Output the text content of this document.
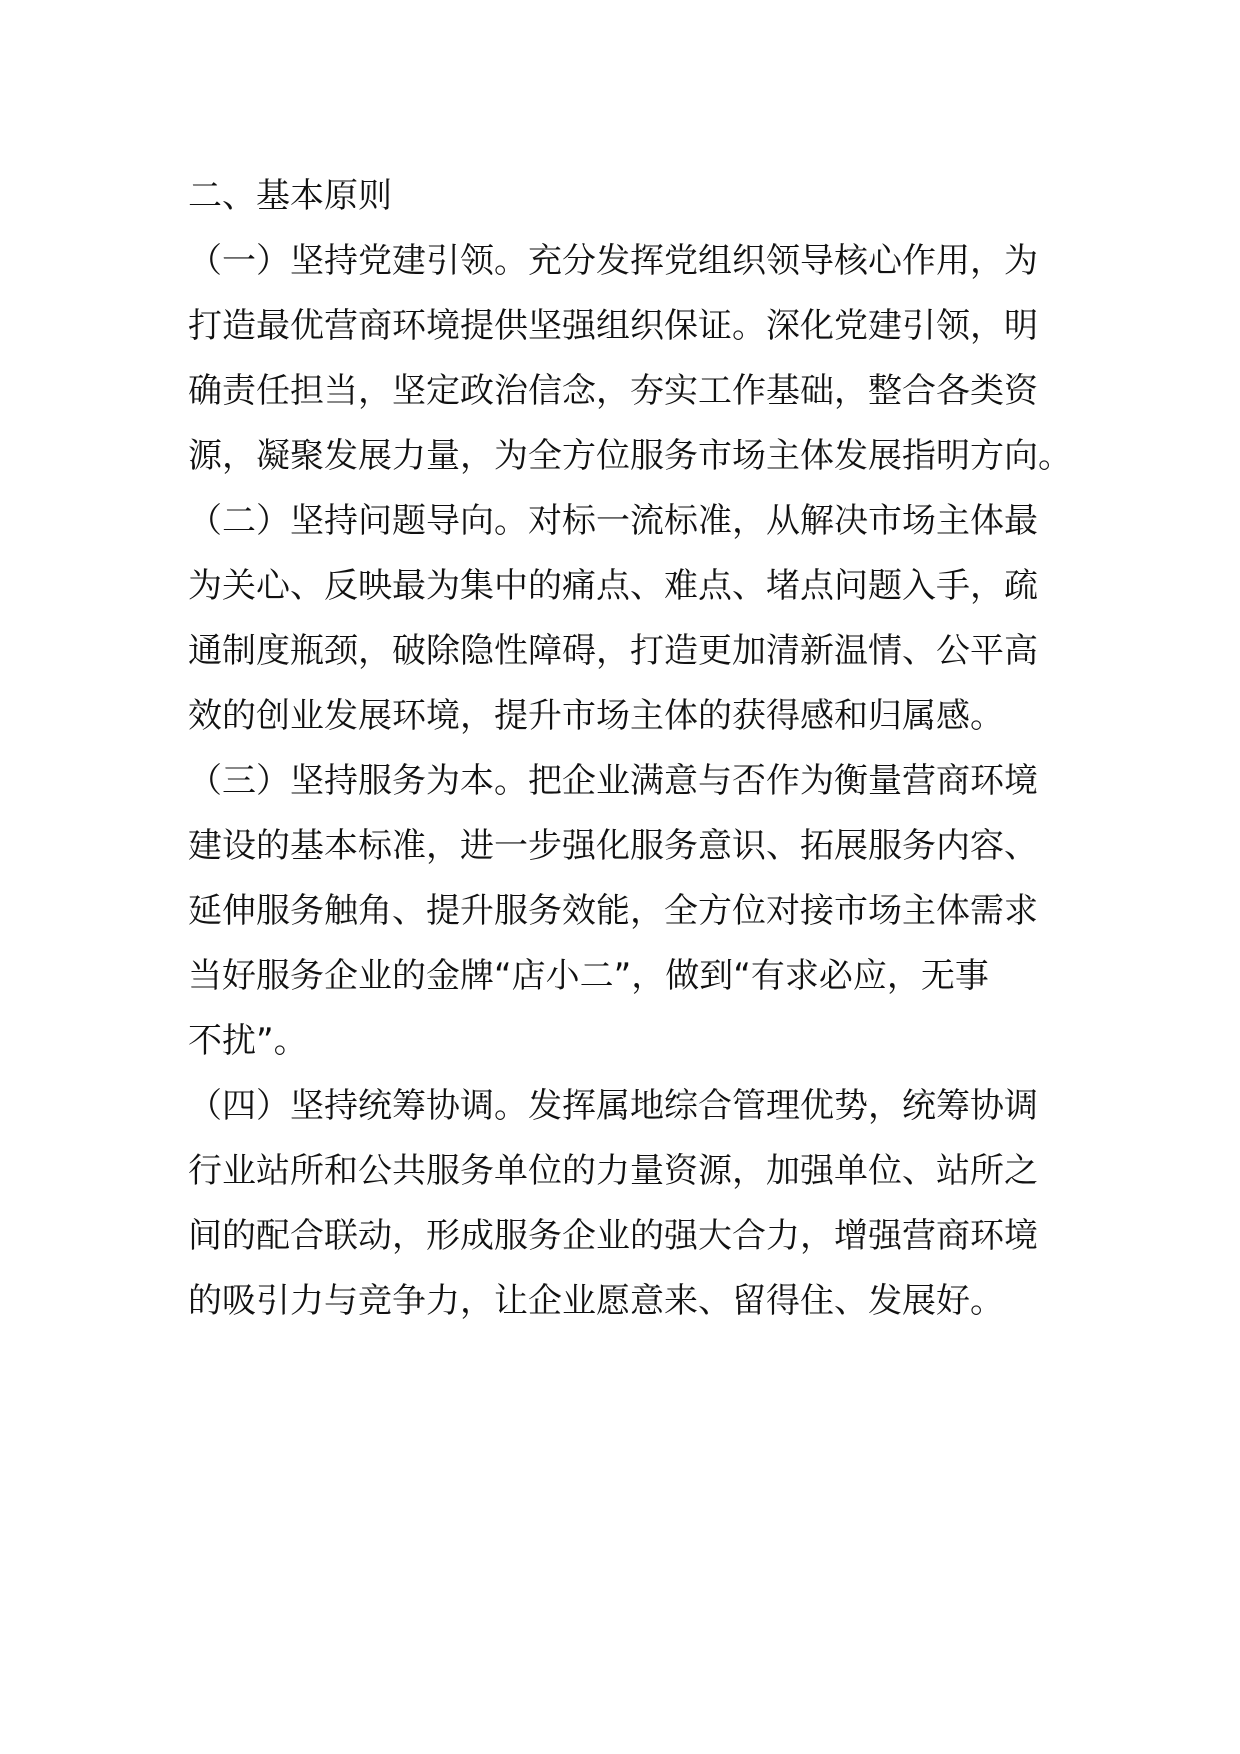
二、基本原则

（一）坚持党建引领。充分发挥党组织领导核心作用，为

打造最优营商环境提供坚强组织保证。深化党建引领，明

确责任担当，坚定政治信念，夯实工作基础，整合各类资

源，凝聚发展力量，为全方位服务市场主体发展指明方向。

（二）坚持问题导向。对标一流标准，从解决市场主体最

为关心、反映最为集中的痛点、难点、堵点问题入手，疏

通制度瓶颈，破除隐性障碍，打造更加清新温情、公平高

效的创业发展环境，提升市场主体的获得感和归属感。

（三）坚持服务为本。把企业满意与否作为衡量营商环境

建设的基本标准，进一步强化服务意识、拓展服务内容、

延伸服务触角、提升服务效能，全方位对接市场主体需求

当好服务企业的金牌“店小二”，做到“有求必应，无事

不扰”。

（四）坚持统筹协调。发挥属地综合管理优势，统筹协调

行业站所和公共服务单位的力量资源，加强单位、站所之

间的配合联动，形成服务企业的强大合力，增强营商环境

的吸引力与竞争力，让企业愿意来、留得住、发展好。
